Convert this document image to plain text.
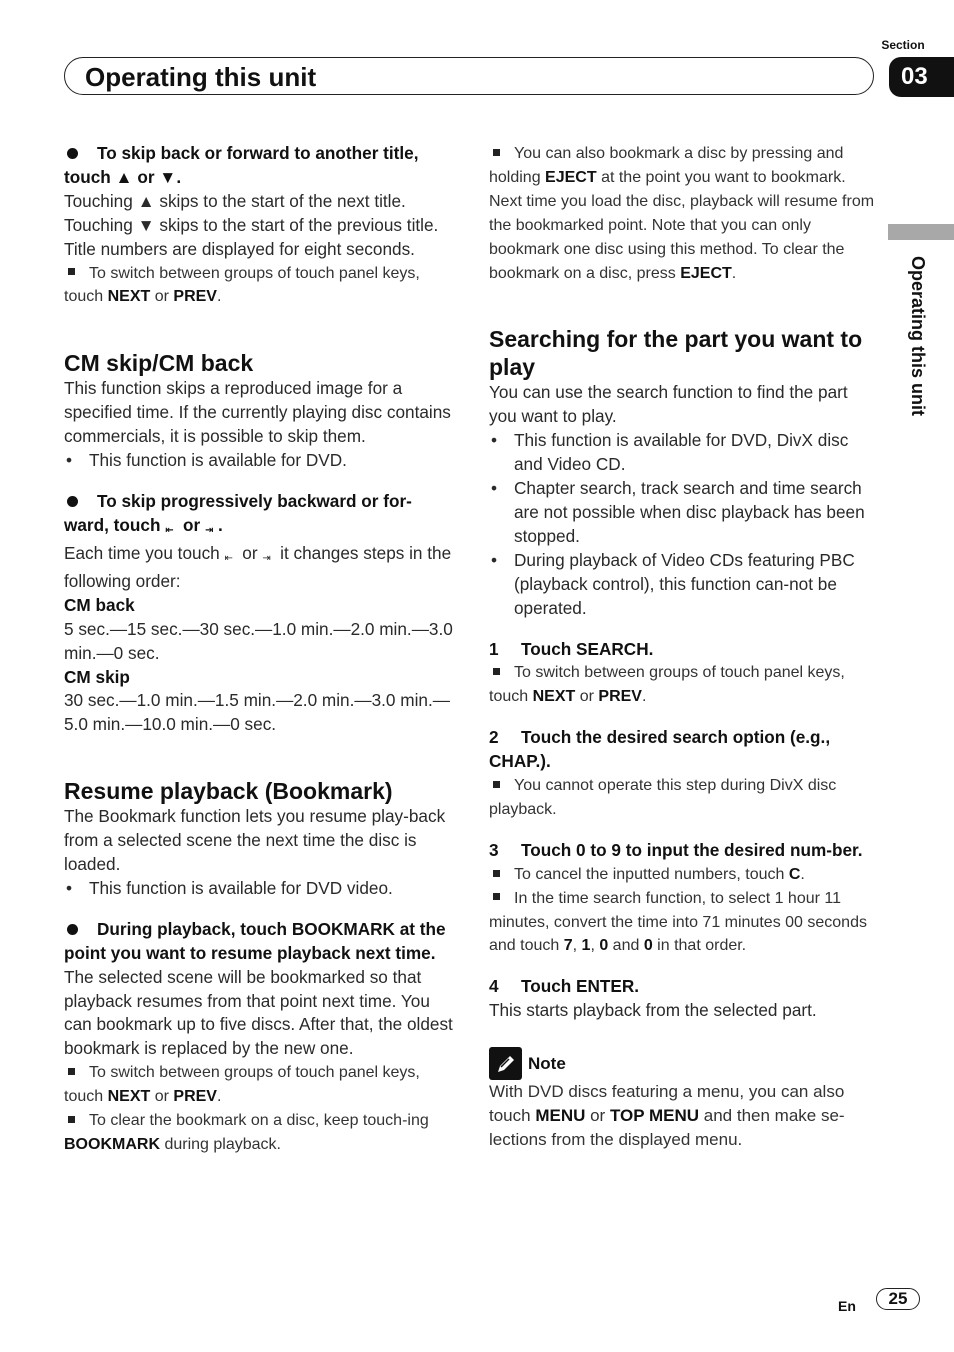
Section
03
Operating this unit
Operating this unit

To skip back or forward to another title, touch ▲ or ▼.

Touching ▲ skips to the start of the next title.

Touching ▼ skips to the start of the previous title.

Title numbers are displayed for eight seconds.

To switch between groups of touch panel keys, touch NEXT or PREV.

CM skip/CM back

This function skips a reproduced image for a specified time. If the currently playing disc contains commercials, it is possible to skip them.

• This function is available for DVD.

To skip progressively backward or for-ward, touch ⇤ or ⇥ .

Each time you touch ⇤ or ⇥ it changes steps in the following order:

CM back

5 sec.—15 sec.—30 sec.—1.0 min.—2.0 min.—3.0 min.—0 sec.

CM skip

30 sec.—1.0 min.—1.5 min.—2.0 min.—3.0 min.—5.0 min.—10.0 min.—0 sec.

Resume playback (Bookmark)

The Bookmark function lets you resume play-back from a selected scene the next time the disc is loaded.

• This function is available for DVD video.

During playback, touch BOOKMARK at the point you want to resume playback next time.

The selected scene will be bookmarked so that playback resumes from that point next time. You can bookmark up to five discs. After that, the oldest bookmark is replaced by the new one.

To switch between groups of touch panel keys, touch NEXT or PREV.

To clear the bookmark on a disc, keep touch-ing BOOKMARK during playback.

You can also bookmark a disc by pressing and holding EJECT at the point you want to bookmark. Next time you load the disc, playback will resume from the bookmarked point. Note that you can only bookmark one disc using this method. To clear the bookmark on a disc, press EJECT.

Searching for the part you want to play

You can use the search function to find the part you want to play.

• This function is available for DVD, DivX disc and Video CD.

• Chapter search, track search and time search are not possible when disc playback has been stopped.

• During playback of Video CDs featuring PBC (playback control), this function can-not be operated.

1 Touch SEARCH.

To switch between groups of touch panel keys, touch NEXT or PREV.

2 Touch the desired search option (e.g., CHAP.).

You cannot operate this step during DivX disc playback.

3 Touch 0 to 9 to input the desired num-ber.

To cancel the inputted numbers, touch C.

In the time search function, to select 1 hour 11 minutes, convert the time into 71 minutes 00 seconds and touch 7, 1, 0 and 0 in that order.

4 Touch ENTER.

This starts playback from the selected part.

Note

With DVD discs featuring a menu, you can also touch MENU or TOP MENU and then make se-lections from the displayed menu.

En	25
